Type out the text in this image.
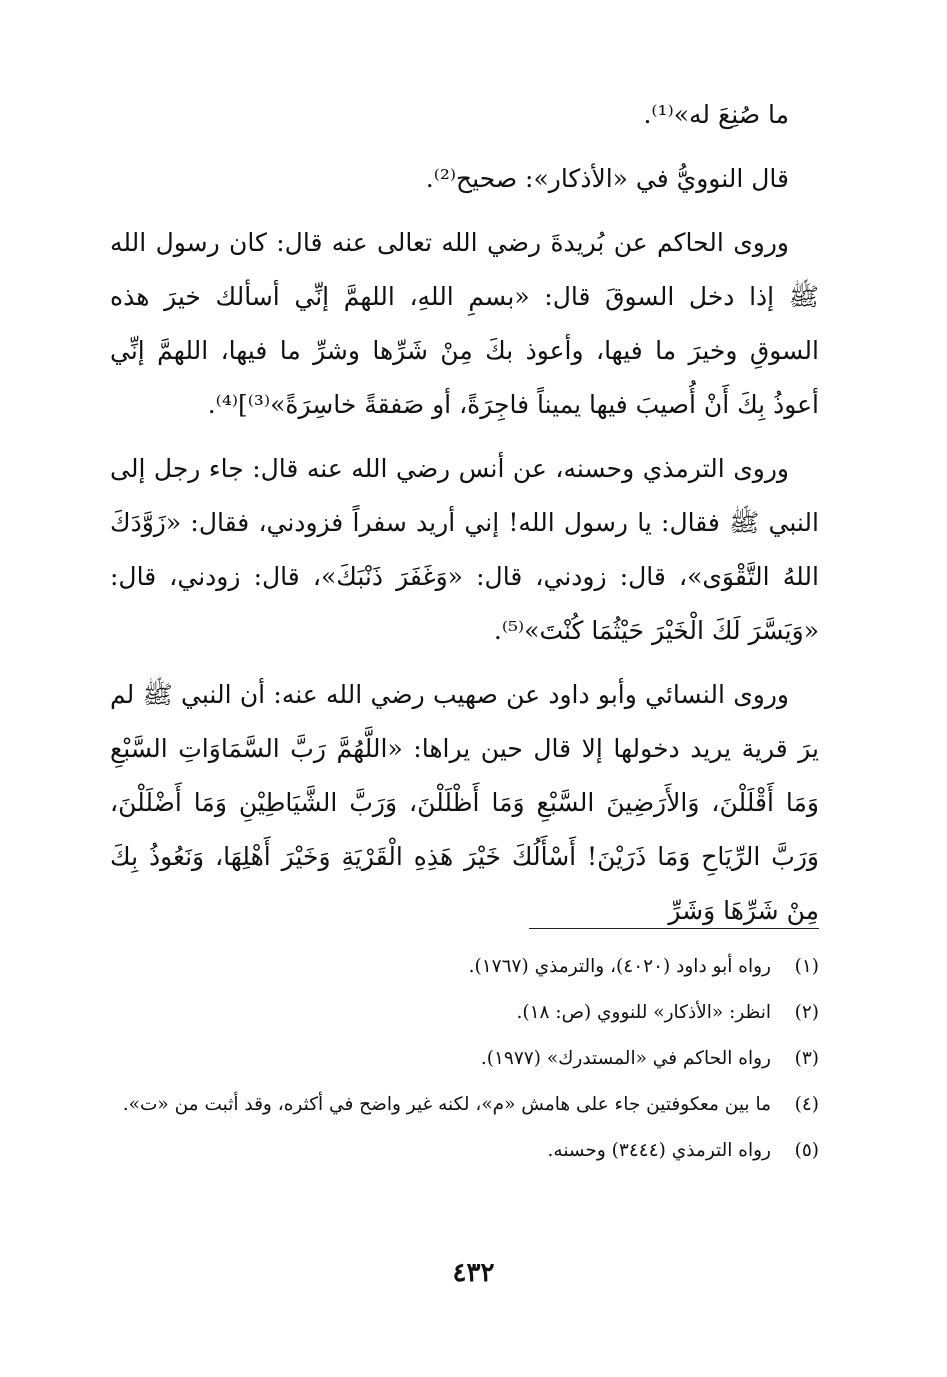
ما صُنِعَ له»⁽¹⁾.

قال النوويُّ في «الأذكار»: صحيح⁽²⁾.

وروى الحاكم عن بُريدةَ رضي الله تعالى عنه قال: كان رسول الله ﷺ إذا دخل السوقَ قال: «بسمِ اللهِ، اللهمَّ إنِّي أسألك خيرَ هذه السوقِ وخيرَ ما فيها، وأعوذ بكَ مِنْ شَرِّها وشرِّ ما فيها، اللهمَّ إنِّي أعوذُ بِكَ أَنْ أُصيبَ فيها يميناً فاجِرَةً، أو صَفقةً خاسِرَةً»⁽³⁾]⁽⁴⁾.

وروى الترمذي وحسنه، عن أنس رضي الله عنه قال: جاء رجل إلى النبي ﷺ فقال: يا رسول الله! إني أريد سفراً فزودني، فقال: «زَوَّدَكَ اللهُ التَّقْوَى»، قال: زودني، قال: «وَغَفَرَ ذَنْبَكَ»، قال: زودني، قال: «وَيَسَّرَ لَكَ الْخَيْرَ حَيْثُمَا كُنْتَ»⁽⁵⁾.

وروى النسائي وأبو داود عن صهيب رضي الله عنه: أن النبي ﷺ لم يرَ قرية يريد دخولها إلا قال حين يراها: «اللَّهُمَّ رَبَّ السَّمَاوَاتِ السَّبْعِ وَمَا أَقْلَلْنَ، وَالأَرَضِينَ السَّبْعِ وَمَا أَظْلَلْنَ، وَرَبَّ الشَّيَاطِيْنِ وَمَا أَضْلَلْنَ، وَرَبَّ الرِّيَاحِ وَمَا ذَرَيْنَ! أَسْأَلُكَ خَيْرَ هَذِهِ الْقَرْيَةِ وَخَيْرَ أَهْلِهَا، وَنَعُوذُ بِكَ مِنْ شَرِّهَا وَشَرِّ

(١)
رواه أبو داود (٤٠٢٠)، والترمذي (١٧٦٧).
(٢)
انظر: «الأذكار» للنووي (ص: ١٨).
(٣)
رواه الحاكم في «المستدرك» (١٩٧٧).
(٤)
ما بين معكوفتين جاء على هامش «م»، لكنه غير واضح في أكثره، وقد أثبت من «ت».
(٥)
رواه الترمذي (٣٤٤٤) وحسنه.
٤٣٢
